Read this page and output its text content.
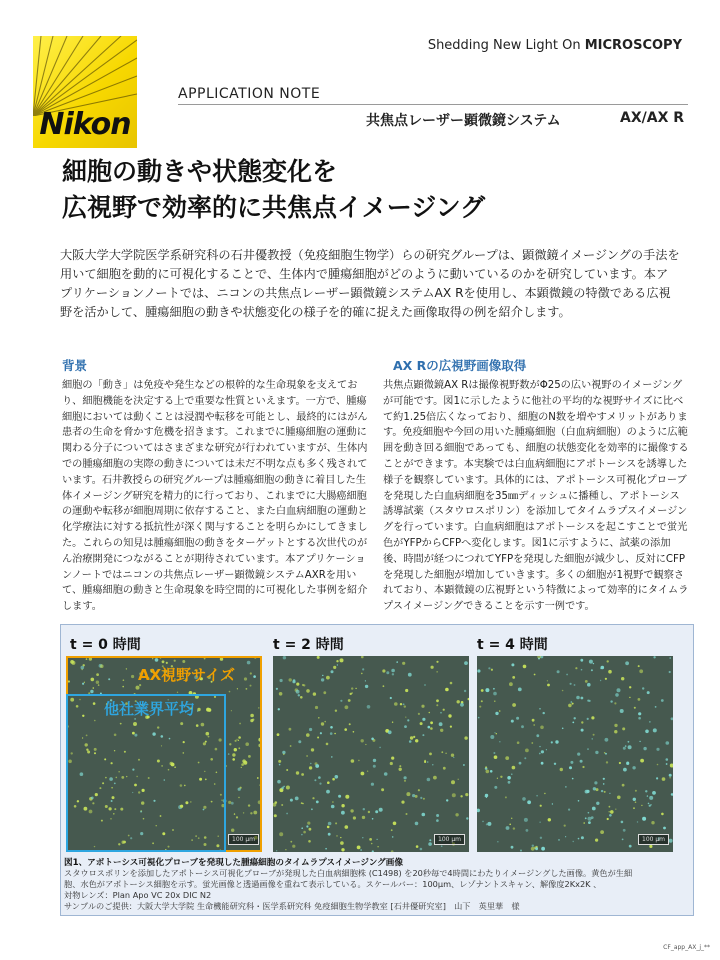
Nikon
Shedding New Light On MICROSCOPY
APPLICATION NOTE
共焦点レーザー顕微鏡システム	AX/AX R
細胞の動きや状態変化を
広視野で効率的に共焦点イメージング
大阪大学大学院医学系研究科の石井優教授（免疫細胞生物学）らの研究グループは、顕微鏡イメージングの手法を用いて細胞を動的に可視化することで、生体内で腫瘍細胞がどのように動いているのかを研究しています。本アプリケーションノートでは、ニコンの共焦点レーザー顕微鏡システムAX Rを使用し、本顕微鏡の特徴である広視野を活かして、腫瘍細胞の動きや状態変化の様子を的確に捉えた画像取得の例を紹介します。
背景
細胞の「動き」は免疫や発生などの根幹的な生命現象を支えており、細胞機能を決定する上で重要な性質といえます。一方で、腫瘍細胞においては動くことは浸潤や転移を可能とし、最終的にはがん患者の生命を脅かす危機を招きます。これまでに腫瘍細胞の運動に関わる分子についてはさまざまな研究が行われていますが、生体内での腫瘍細胞の実際の動きについては未だ不明な点も多く残されています。石井教授らの研究グループは腫瘍細胞の動きに着目した生体イメージング研究を精力的に行っており、これまでに大腸癌細胞の運動や転移が細胞周期に依存すること、また白血病細胞の運動と化学療法に対する抵抗性が深く関与することを明らかにしてきました。これらの知見は腫瘍細胞の動きをターゲットとする次世代のがん治療開発につながることが期待されています。本アプリケーションノートではニコンの共焦点レーザー顕微鏡システムAXRを用いて、腫瘍細胞の動きと生命現象を時空間的に可視化した事例を紹介します。
AX Rの広視野画像取得
共焦点顕微鏡AX Rは撮像視野数がΦ25の広い視野のイメージングが可能です。図1に示したように他社の平均的な視野サイズに比べて約1.25倍広くなっており、細胞のN数を増やすメリットがあります。免疫細胞や今回の用いた腫瘍細胞（白血病細胞）のように広範囲を動き回る細胞であっても、細胞の状態変化を効率的に撮像することができます。本実験では白血病細胞にアポトーシスを誘導した様子を観察しています。具体的には、アポトーシス可視化プローブを発現した白血病細胞を35㎜ディッシュに播種し、アポトーシス誘導試薬（スタウロスポリン）を添加してタイムラプスイメージングを行っています。白血病細胞はアポトーシスを起こすことで蛍光色がYFPからCFPへ変化します。図1に示すように、試薬の添加後、時間が経つにつれてYFPを発現した細胞が減少し、反対にCFPを発現した細胞が増加していきます。多くの細胞が1視野で観察されており、本顕微鏡の広視野という特徴によって効率的にタイムラプスイメージングできることを示す一例です。
t = 0 時間	t = 2 時間	t = 4 時間
AX視野サイズ
他社業界平均
100 µm	100 µm	100 µm
図1、アポトーシス可視化プローブを発現した腫瘍細胞のタイムラプスイメージング画像
スタウロスポリンを添加したアポトーシス可視化プローブが発現した白血病細胞株 (C1498) を20秒毎で4時間にわたりイメージングした画像。黄色が生細
胞、水色がアポトーシス細胞を示す。蛍光画像と透過画像を重ねて表示している。スケールバー：100µm、レゾナントスキャン、解像度2Kx2K 、
対物レンズ：Plan Apo VC 20x DIC N2
サンプルのご提供：大阪大学大学院 生命機能研究科・医学系研究科 免疫細胞生物学教室 [石井優研究室]　山下　英里華　様
CF_app_AX_j_**
